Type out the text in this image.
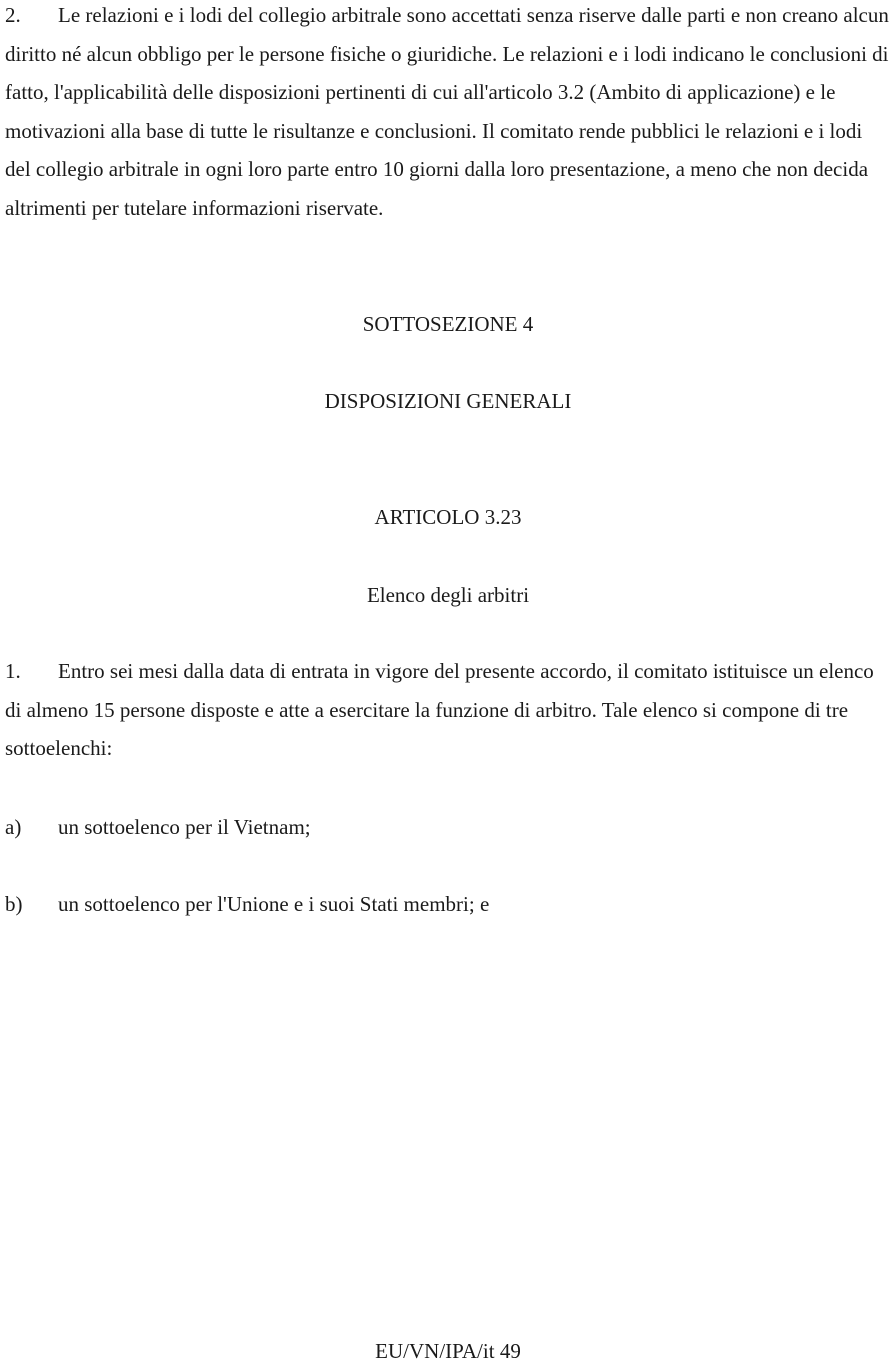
2. Le relazioni e i lodi del collegio arbitrale sono accettati senza riserve dalle parti e non creano alcun diritto né alcun obbligo per le persone fisiche o giuridiche. Le relazioni e i lodi indicano le conclusioni di fatto, l'applicabilità delle disposizioni pertinenti di cui all'articolo 3.2 (Ambito di applicazione) e le motivazioni alla base di tutte le risultanze e conclusioni. Il comitato rende pubblici le relazioni e i lodi del collegio arbitrale in ogni loro parte entro 10 giorni dalla loro presentazione, a meno che non decida altrimenti per tutelare informazioni riservate.

SOTTOSEZIONE 4

DISPOSIZIONI GENERALI

ARTICOLO 3.23

Elenco degli arbitri

1. Entro sei mesi dalla data di entrata in vigore del presente accordo, il comitato istituisce un elenco di almeno 15 persone disposte e atte a esercitare la funzione di arbitro. Tale elenco si compone di tre sottoelenchi:

a) un sottoelenco per il Vietnam;

b) un sottoelenco per l'Unione e i suoi Stati membri; e

EU/VN/IPA/it 49
